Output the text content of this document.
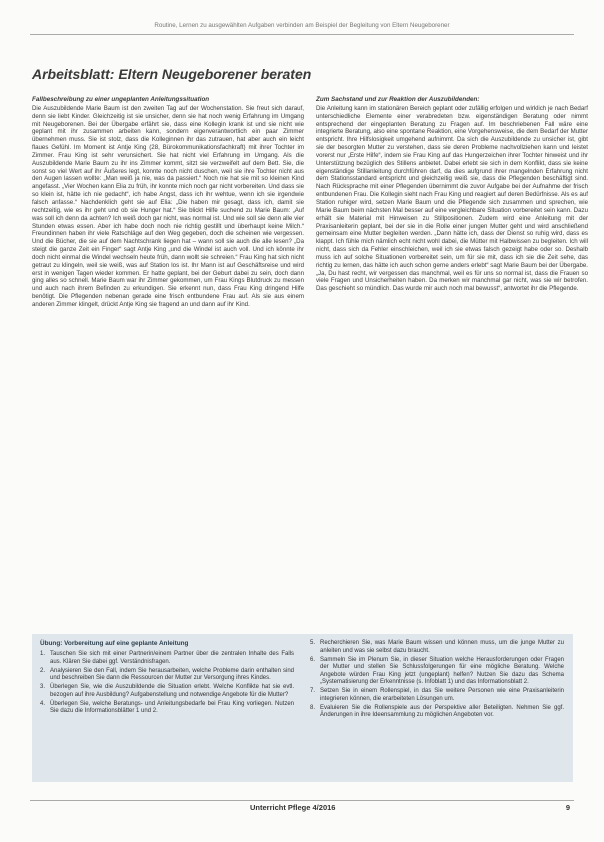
Routine, Lernen zu ausgewählten Aufgaben verbinden am Beispiel der Begleitung von Eltern Neugeborener
Arbeitsblatt: Eltern Neugeborener beraten
Fallbeschreibung zu einer ungeplanten Anleitungssituation

Die Auszubildende Marie Baum ist den zweiten Tag auf der Wochenstation. Sie freut sich darauf, denn sie liebt Kinder. Gleichzeitig ist sie unsicher, denn sie hat noch wenig Erfahrung im Umgang mit Neugeborenen. Bei der Übergabe erfährt sie, dass eine Kollegin krank ist und sie nicht wie geplant mit ihr zusammen arbeiten kann, sondern eigenverantwortlich ein paar Zimmer übernehmen muss. Sie ist stolz, dass die Kolleginnen ihr das zutrauen, hat aber auch ein leicht flaues Gefühl. Im Moment ist Antje King (28, Bürokommunikationsfachkraft) mit ihrer Tochter im Zimmer. Frau King ist sehr verunsichert. Sie hat nicht viel Erfahrung im Umgang. Als die Auszubildende Marie Baum zu ihr ins Zimmer kommt, sitzt sie verzweifelt auf dem Bett. Sie, die sonst so viel Wert auf ihr Äußeres legt, konnte noch nicht duschen, weil sie ihre Tochter nicht aus den Augen lassen wollte: „Man weiß ja nie, was da passiert.“ Noch nie hat sie mit so kleinen Kind angefasst. „Vier Wochen kann Elia zu früh, ihr konnte mich noch gar nicht vorbereiten. Und dass sie so klein ist, hätte ich nie gedacht“, ich habe Angst, dass ich ihr wehtue, wenn ich sie irgendwie falsch anfasse.“ Nachdenklich geht sie auf Elia: „Die haben mir gesagt, dass ich, damit sie rechtzeitig, wie es ihr geht und ob sie Hunger hat.“ Sie blickt Hilfe suchend zu Marie Baum: „Auf was soll ich denn da achten? Ich weiß doch gar nicht, was normal ist. Und wie soll sie denn alle vier Stunden etwas essen. Aber ich habe doch noch nie richtig gestillt und überhaupt keine Milch.“ Freundinnen haben ihr viele Ratschläge auf den Weg gegeben, doch die scheinen wie vergessen. Und die Bücher, die sie auf dem Nachtschrank liegen hat – wann soll sie auch die alle lesen? „Da steigt die ganze Zeit ein Finger“ sagt Antje King „und die Windel ist auch voll. Und ich könnte ihr doch nicht einmal die Windel wechseln heute früh, dann wollt sie schreien.“ Frau King hat sich nicht getraut zu klingeln, weil sie weiß, was auf Station los ist. Ihr Mann ist auf Geschäftsreise und wird erst in wenigen Tagen wieder kommen. Er hatte geplant, bei der Geburt dabei zu sein, doch dann ging alles so schnell. Marie Baum war ihr Zimmer gekommen, um Frau Kings Blutdruck zu messen und auch nach ihrem Befinden zu erkundigen. Sie erkennt nun, dass Frau King dringend Hilfe benötigt. Die Pflegenden nebenan gerade eine frisch entbundene Frau auf. Als sie aus einem anderen Zimmer klingelt, drückt Antje King sie fragend an und dann auf ihr Kind.

Zum Sachstand und zur Reaktion der Auszubildenden:

Die Anleitung kann im stationären Bereich geplant oder zufällig erfolgen und wirklich je nach Bedarf unterschiedliche Elemente einer verabredeten bzw. eigenständigen Beratung oder nimmt entsprechend der eingeplanten Beratung zu Fragen auf. Im beschriebenen Fall wäre eine integrierte Beratung, also eine spontane Reaktion, eine Vorgehensweise, die dem Bedarf der Mutter entspricht. Ihre Hilfslosigkeit umgehend aufnimmt. Da sich die Auszubildende zu unsicher ist, gibt sie der besorgten Mutter zu verstehen, dass sie deren Probleme nachvollziehen kann und leistet vorerst nur „Erste Hilfe“, indem sie Frau King auf das Hungerzeichen ihrer Tochter hinweist und ihr Unterstützung bezüglich des Stillens anbietet. Dabei erlebt sie sich in dem Konflikt, dass sie keine eigenständige Stillanleitung durchführen darf, da dies aufgrund ihrer mangelnden Erfahrung nicht dem Stationsstandard entspricht und gleichzeitig weiß sie, dass die Pflegenden beschäftigt sind. Nach Rücksprache mit einer Pflegenden übernimmt die zuvor Aufgabe bei der Aufnahme der frisch entbundenen Frau. Die Kollegin sieht nach Frau King und reagiert auf deren Bedürfnisse. Als es auf Station ruhiger wird, setzen Marie Baum und die Pflegende sich zusammen und sprechen, wie Marie Baum beim nächsten Mal besser auf eine vergleichbare Situation vorbereitet sein kann. Dazu erhält sie Material mit Hinweisen zu Stillpositionen. Zudem wird eine Anleitung mit der Praxisanleiterin geplant, bei der sie in die Rolle einer jungen Mutter geht und wird anschließend gemeinsam eine Mutter begleiten werden. „Dann hätte ich, dass der Dienst so ruhig wird, dass es klappt. Ich fühle mich nämlich echt nicht wohl dabei, die Mütter mit Halbwissen zu begleiten. Ich will nicht, dass sich da Fehler einschleichen, weil ich sie etwas falsch gezeigt habe oder so. Deshalb muss ich auf solche Situationen vorbereitet sein, um für sie mit, dass ich sie die Zeit sehe, das richtig zu lernen, das hätte ich auch schon gerne anders erlebt“ sagt Marie Baum bei der Übergabe. „Ja, Du hast recht, wir vergessen das manchmal, weil es für uns so normal ist, dass die Frauen so viele Fragen und Unsicherheiten haben. Da merken wir manchmal gar nicht, was sie wir betrofen. Das geschieht so mündlich. Das wurde mir auch noch mal bewusst“, antwortet ihr die Pflegende.

Übung: Vorbereitung auf eine geplante Anleitung
1. Tauschen Sie sich mit einer Partnerin/einem Partner über die zentralen Inhalte des Falls aus. Klären Sie dabei ggf. Verständnisfragen.
2. Analysieren Sie den Fall, indem Sie herausarbeiten, welche Probleme darin enthalten sind und beschreiben Sie dann die Ressourcen der Mutter zur Versorgung ihres Kindes.
3. Überlegen Sie, wie die Auszubildende die Situation erlebt. Welche Konflikte hat sie evtl. bezogen auf ihre Ausbildung? Aufgabenstellung und notwendige Angebote für die Mutter?
4. Überlegen Sie, welche Beratungs- und Anleitungsbedarfe bei Frau King vorliegen. Nutzen Sie dazu die Informationsblätter 1 und 2.
5. Recherchieren Sie, was Marie Baum wissen und können muss, um die junge Mutter zu anleiten und was sie selbst dazu braucht.
6. Sammeln Sie im Plenum Sie, in dieser Situation welche Herausforderungen oder Fragen der Mutter und stellen Sie Schlussfolgerungen für eine mögliche Beratung. Welche Angebote würden Frau King jetzt (ungeplant) helfen? Nutzen Sie dazu das Schema „Systematisierung der Erkenntnisse (s. Infoblatt 1) und das Informationsblatt 2.
7. Setzen Sie in einem Rollenspiel, in das Sie weitere Personen wie eine Praxisanleiterin integrieren können, die erarbeiteten Lösungen um.
8. Evaluieren Sie die Rollenspiele aus der Perspektive aller Beteiligten. Nehmen Sie ggf. Änderungen in ihre Ideensammlung zu möglichen Angeboten vor.
Unterricht Pflege 4/2016	9
